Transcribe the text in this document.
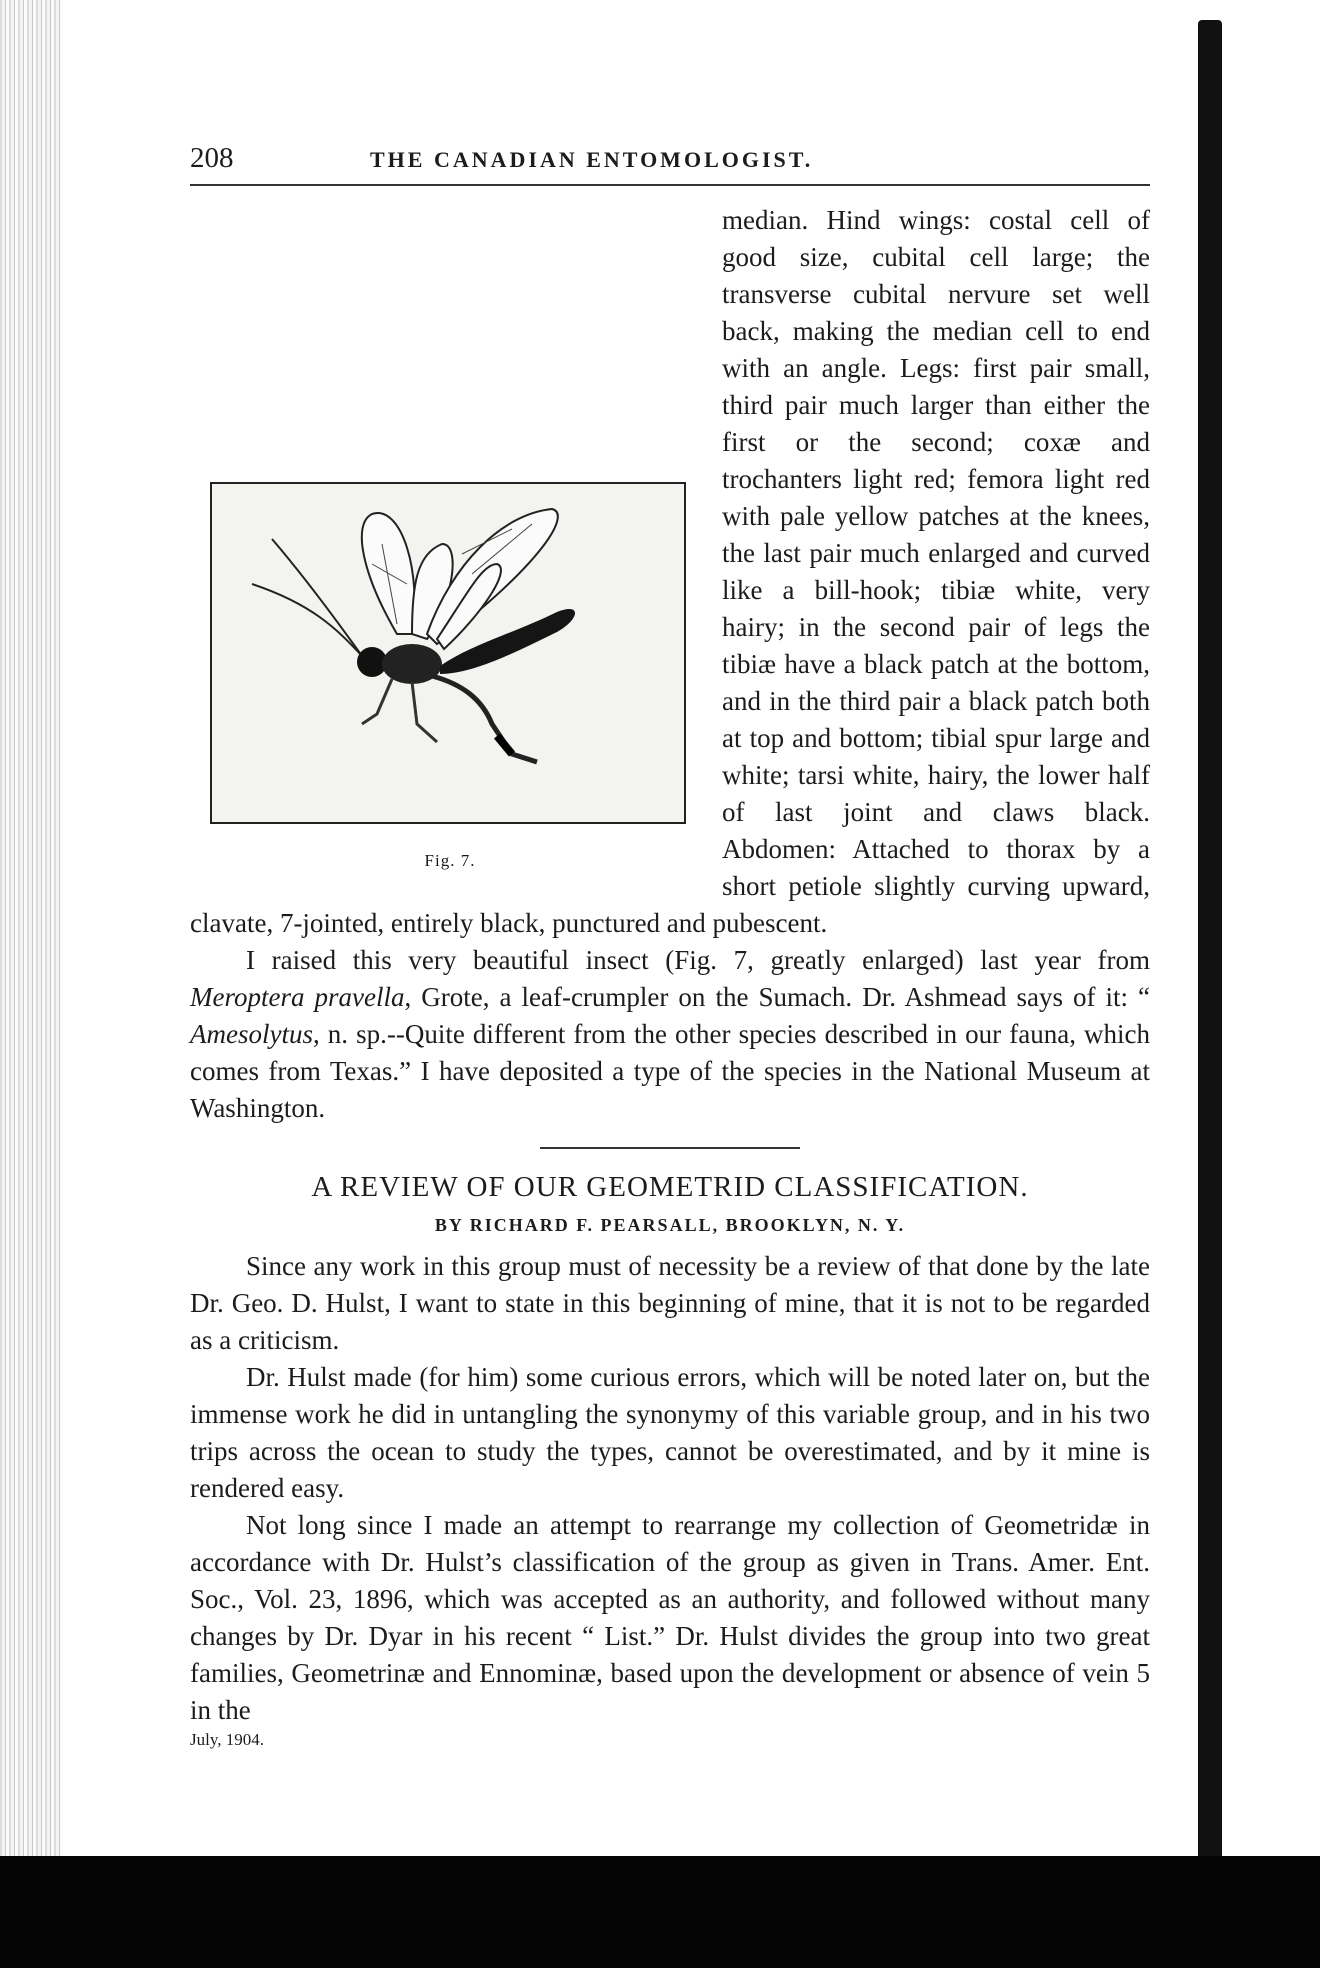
208	THE CANADIAN ENTOMOLOGIST.
Fig. 7.

median. Hind wings: costal cell of good size, cubital cell large; the transverse cubital nervure set well back, making the median cell to end with an angle. Legs: first pair small, third pair much larger than either the first or the second; coxæ and trochanters light red; femora light red with pale yellow patches at the knees, the last pair much enlarged and curved like a bill-hook; tibiæ white, very hairy; in the second pair of legs the tibiæ have a black patch at the bottom, and in the third pair a black patch both at top and bottom; tibial spur large and white; tarsi white, hairy, the lower half of last joint and claws black. Abdomen: Attached to thorax by a short petiole slightly curving upward, clavate, 7-jointed, entirely black, punctured and pubescent.

I raised this very beautiful insect (Fig. 7, greatly enlarged) last year from Meroptera pravella, Grote, a leaf-crumpler on the Sumach. Dr. Ashmead says of it: “ Amesolytus, n. sp.--Quite different from the other species described in our fauna, which comes from Texas.” I have deposited a type of the species in the National Museum at Washington.

A REVIEW OF OUR GEOMETRID CLASSIFICATION.
BY RICHARD F. PEARSALL, BROOKLYN, N. Y.

Since any work in this group must of necessity be a review of that done by the late Dr. Geo. D. Hulst, I want to state in this beginning of mine, that it is not to be regarded as a criticism.

Dr. Hulst made (for him) some curious errors, which will be noted later on, but the immense work he did in untangling the synonymy of this variable group, and in his two trips across the ocean to study the types, cannot be overestimated, and by it mine is rendered easy.

Not long since I made an attempt to rearrange my collection of Geometridæ in accordance with Dr. Hulst’s classification of the group as given in Trans. Amer. Ent. Soc., Vol. 23, 1896, which was accepted as an authority, and followed without many changes by Dr. Dyar in his recent “ List.” Dr. Hulst divides the group into two great families, Geometrinæ and Ennominæ, based upon the development or absence of vein 5 in the

July, 1904.
